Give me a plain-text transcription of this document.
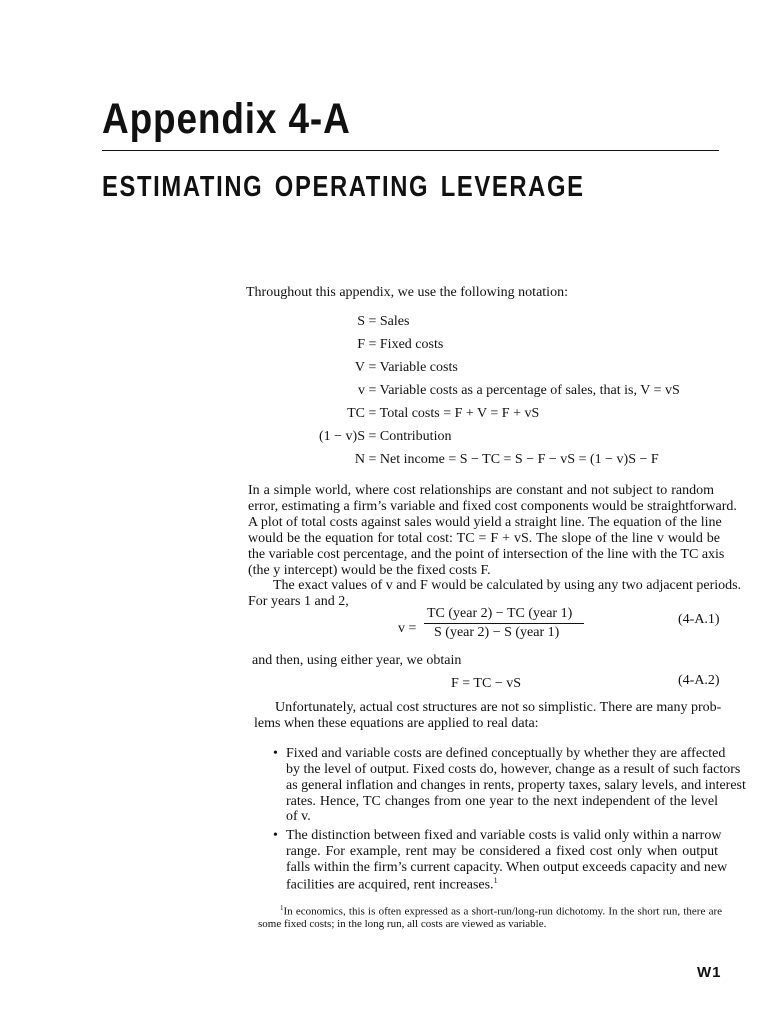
Appendix 4-A
ESTIMATING OPERATING LEVERAGE
Throughout this appendix, we use the following notation:
S = Sales
F = Fixed costs
V = Variable costs
v = Variable costs as a percentage of sales, that is, V = vS
TC = Total costs = F + V = F + vS
(1 − v)S = Contribution
N = Net income = S − TC = S − F − vS = (1 − v)S − F
In a simple world, where cost relationships are constant and not subject to random
error, estimating a firm’s variable and fixed cost components would be straightforward.
A plot of total costs against sales would yield a straight line. The equation of the line
would be the equation for total cost: TC = F + vS. The slope of the line v would be
the variable cost percentage, and the point of intersection of the line with the TC axis
(the y intercept) would be the fixed costs F.
The exact values of v and F would be calculated by using any two adjacent periods.
For years 1 and 2,
v =
TC (year 2) − TC (year 1)
S (year 2) − S (year 1)
(4-A.1)
and then, using either year, we obtain
F = TC − vS	(4-A.2)
Unfortunately, actual cost structures are not so simplistic. There are many prob-
lems when these equations are applied to real data:
• Fixed and variable costs are defined conceptually by whether they are affected
by the level of output. Fixed costs do, however, change as a result of such factors
as general inflation and changes in rents, property taxes, salary levels, and interest
rates. Hence, TC changes from one year to the next independent of the level
of v.
• The distinction between fixed and variable costs is valid only within a narrow
range. For example, rent may be considered a fixed cost only when output
falls within the firm’s current capacity. When output exceeds capacity and new
facilities are acquired, rent increases.$^1$
$^1$In economics, this is often expressed as a short-run/long-run dichotomy. In the short run, there are
some fixed costs; in the long run, all costs are viewed as variable.
W1
